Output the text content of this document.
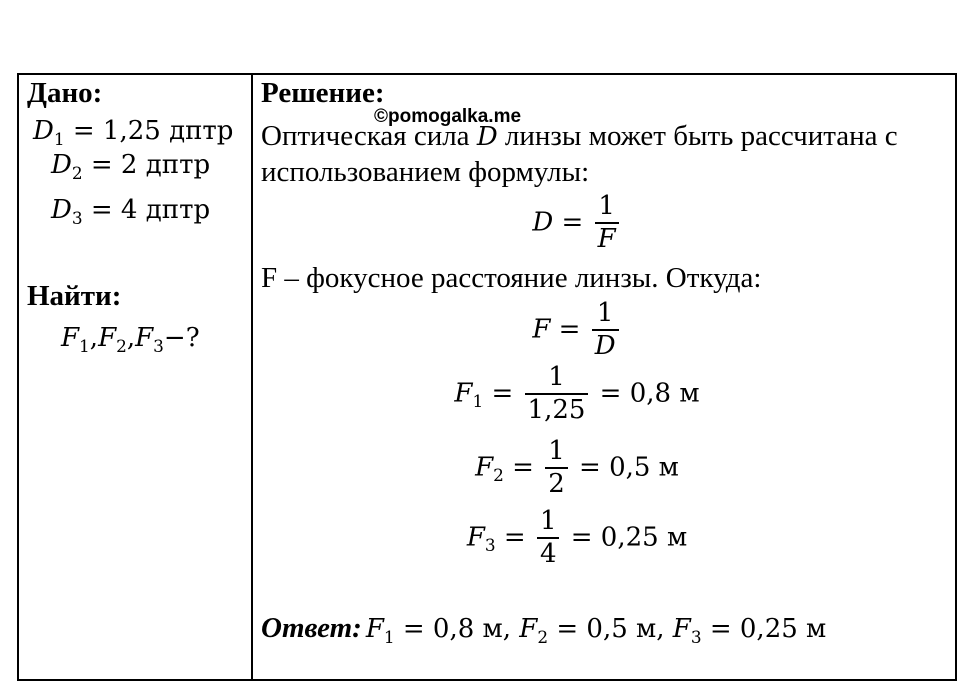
Дано:
$D_1 = 1,25$ дптр
$D_2 = 2$ дптр
$D_3 = 4$ дптр
Найти:
$F_1,F_2,F_3-$?
Решение:
©pomogalka.me
Оптическая сила D линзы может быть рассчитана с
использованием формулы:
$D = \frac{1}{F}$
F – фокусное расстояние линзы. Откуда:
$F = \frac{1}{D}$
$F_1 = \frac{1}{1,25} = 0,8$ м
$F_2 = \frac{1}{2} = 0,5$ м
$F_3 = \frac{1}{4} = 0,25$ м
Ответ: $F_1 = 0,8$ м, $F_2 = 0,5$ м, $F_3 = 0,25$ м
